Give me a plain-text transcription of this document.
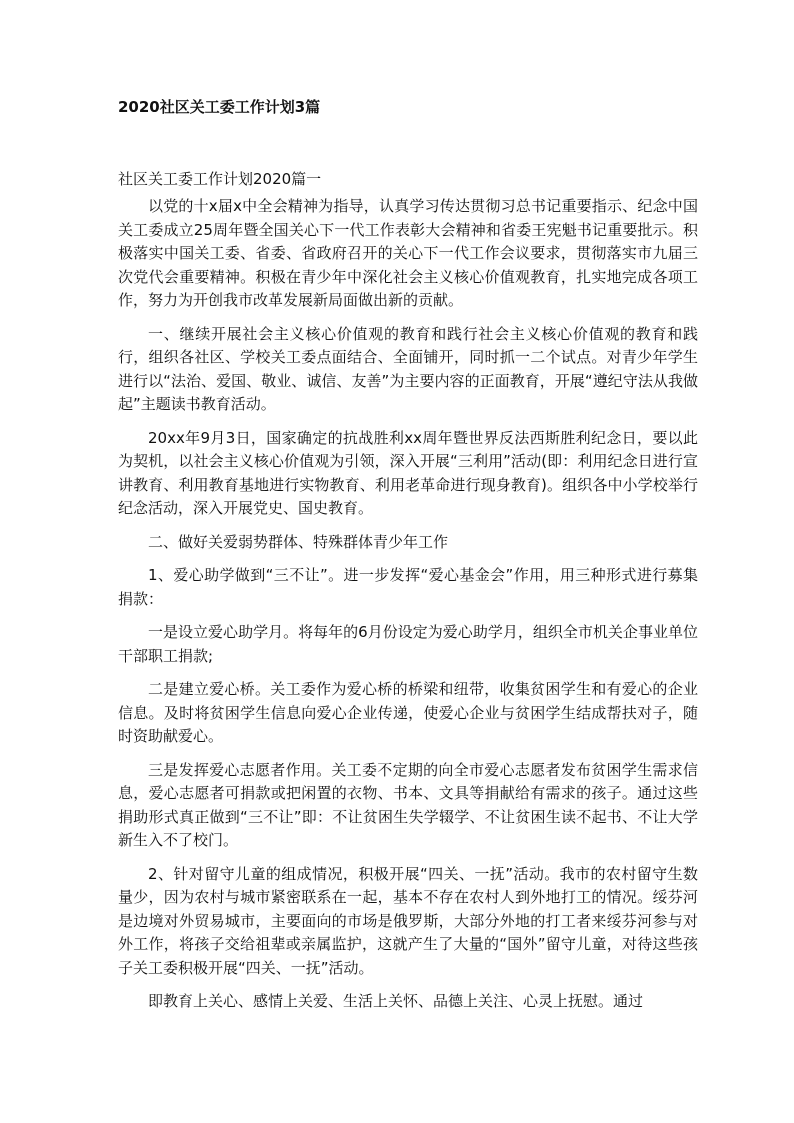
2020社区关工委工作计划3篇
社区关工委工作计划2020篇一

以党的十x届x中全会精神为指导，认真学习传达贯彻习总书记重要指示、纪念中国关工委成立25周年暨全国关心下一代工作表彰大会精神和省委王宪魁书记重要批示。积极落实中国关工委、省委、省政府召开的关心下一代工作会议要求，贯彻落实市九届三次党代会重要精神。积极在青少年中深化社会主义核心价值观教育，扎实地完成各项工作，努力为开创我市改革发展新局面做出新的贡献。

一、继续开展社会主义核心价值观的教育和践行社会主义核心价值观的教育和践行，组织各社区、学校关工委点面结合、全面铺开，同时抓一二个试点。对青少年学生进行以“法治、爱国、敬业、诚信、友善”为主要内容的正面教育，开展“遵纪守法从我做起”主题读书教育活动。

20xx年9月3日，国家确定的抗战胜利xx周年暨世界反法西斯胜利纪念日，要以此为契机，以社会主义核心价值观为引领，深入开展“三利用”活动(即：利用纪念日进行宣讲教育、利用教育基地进行实物教育、利用老革命进行现身教育)。组织各中小学校举行纪念活动，深入开展党史、国史教育。

二、做好关爱弱势群体、特殊群体青少年工作

1、爱心助学做到“三不让”。进一步发挥“爱心基金会”作用，用三种形式进行募集捐款：

一是设立爱心助学月。将每年的6月份设定为爱心助学月，组织全市机关企事业单位干部职工捐款;

二是建立爱心桥。关工委作为爱心桥的桥梁和纽带，收集贫困学生和有爱心的企业信息。及时将贫困学生信息向爱心企业传递，使爱心企业与贫困学生结成帮扶对子，随时资助献爱心。

三是发挥爱心志愿者作用。关工委不定期的向全市爱心志愿者发布贫困学生需求信息，爱心志愿者可捐款或把闲置的衣物、书本、文具等捐献给有需求的孩子。通过这些捐助形式真正做到“三不让”即：不让贫困生失学辍学、不让贫困生读不起书、不让大学新生入不了校门。

2、针对留守儿童的组成情况，积极开展“四关、一抚”活动。我市的农村留守生数量少，因为农村与城市紧密联系在一起，基本不存在农村人到外地打工的情况。绥芬河是边境对外贸易城市，主要面向的市场是俄罗斯，大部分外地的打工者来绥芬河参与对外工作，将孩子交给祖辈或亲属监护，这就产生了大量的“国外”留守儿童，对待这些孩子关工委积极开展“四关、一抚”活动。

即教育上关心、感情上关爱、生活上关怀、品德上关注、心灵上抚慰。通过
